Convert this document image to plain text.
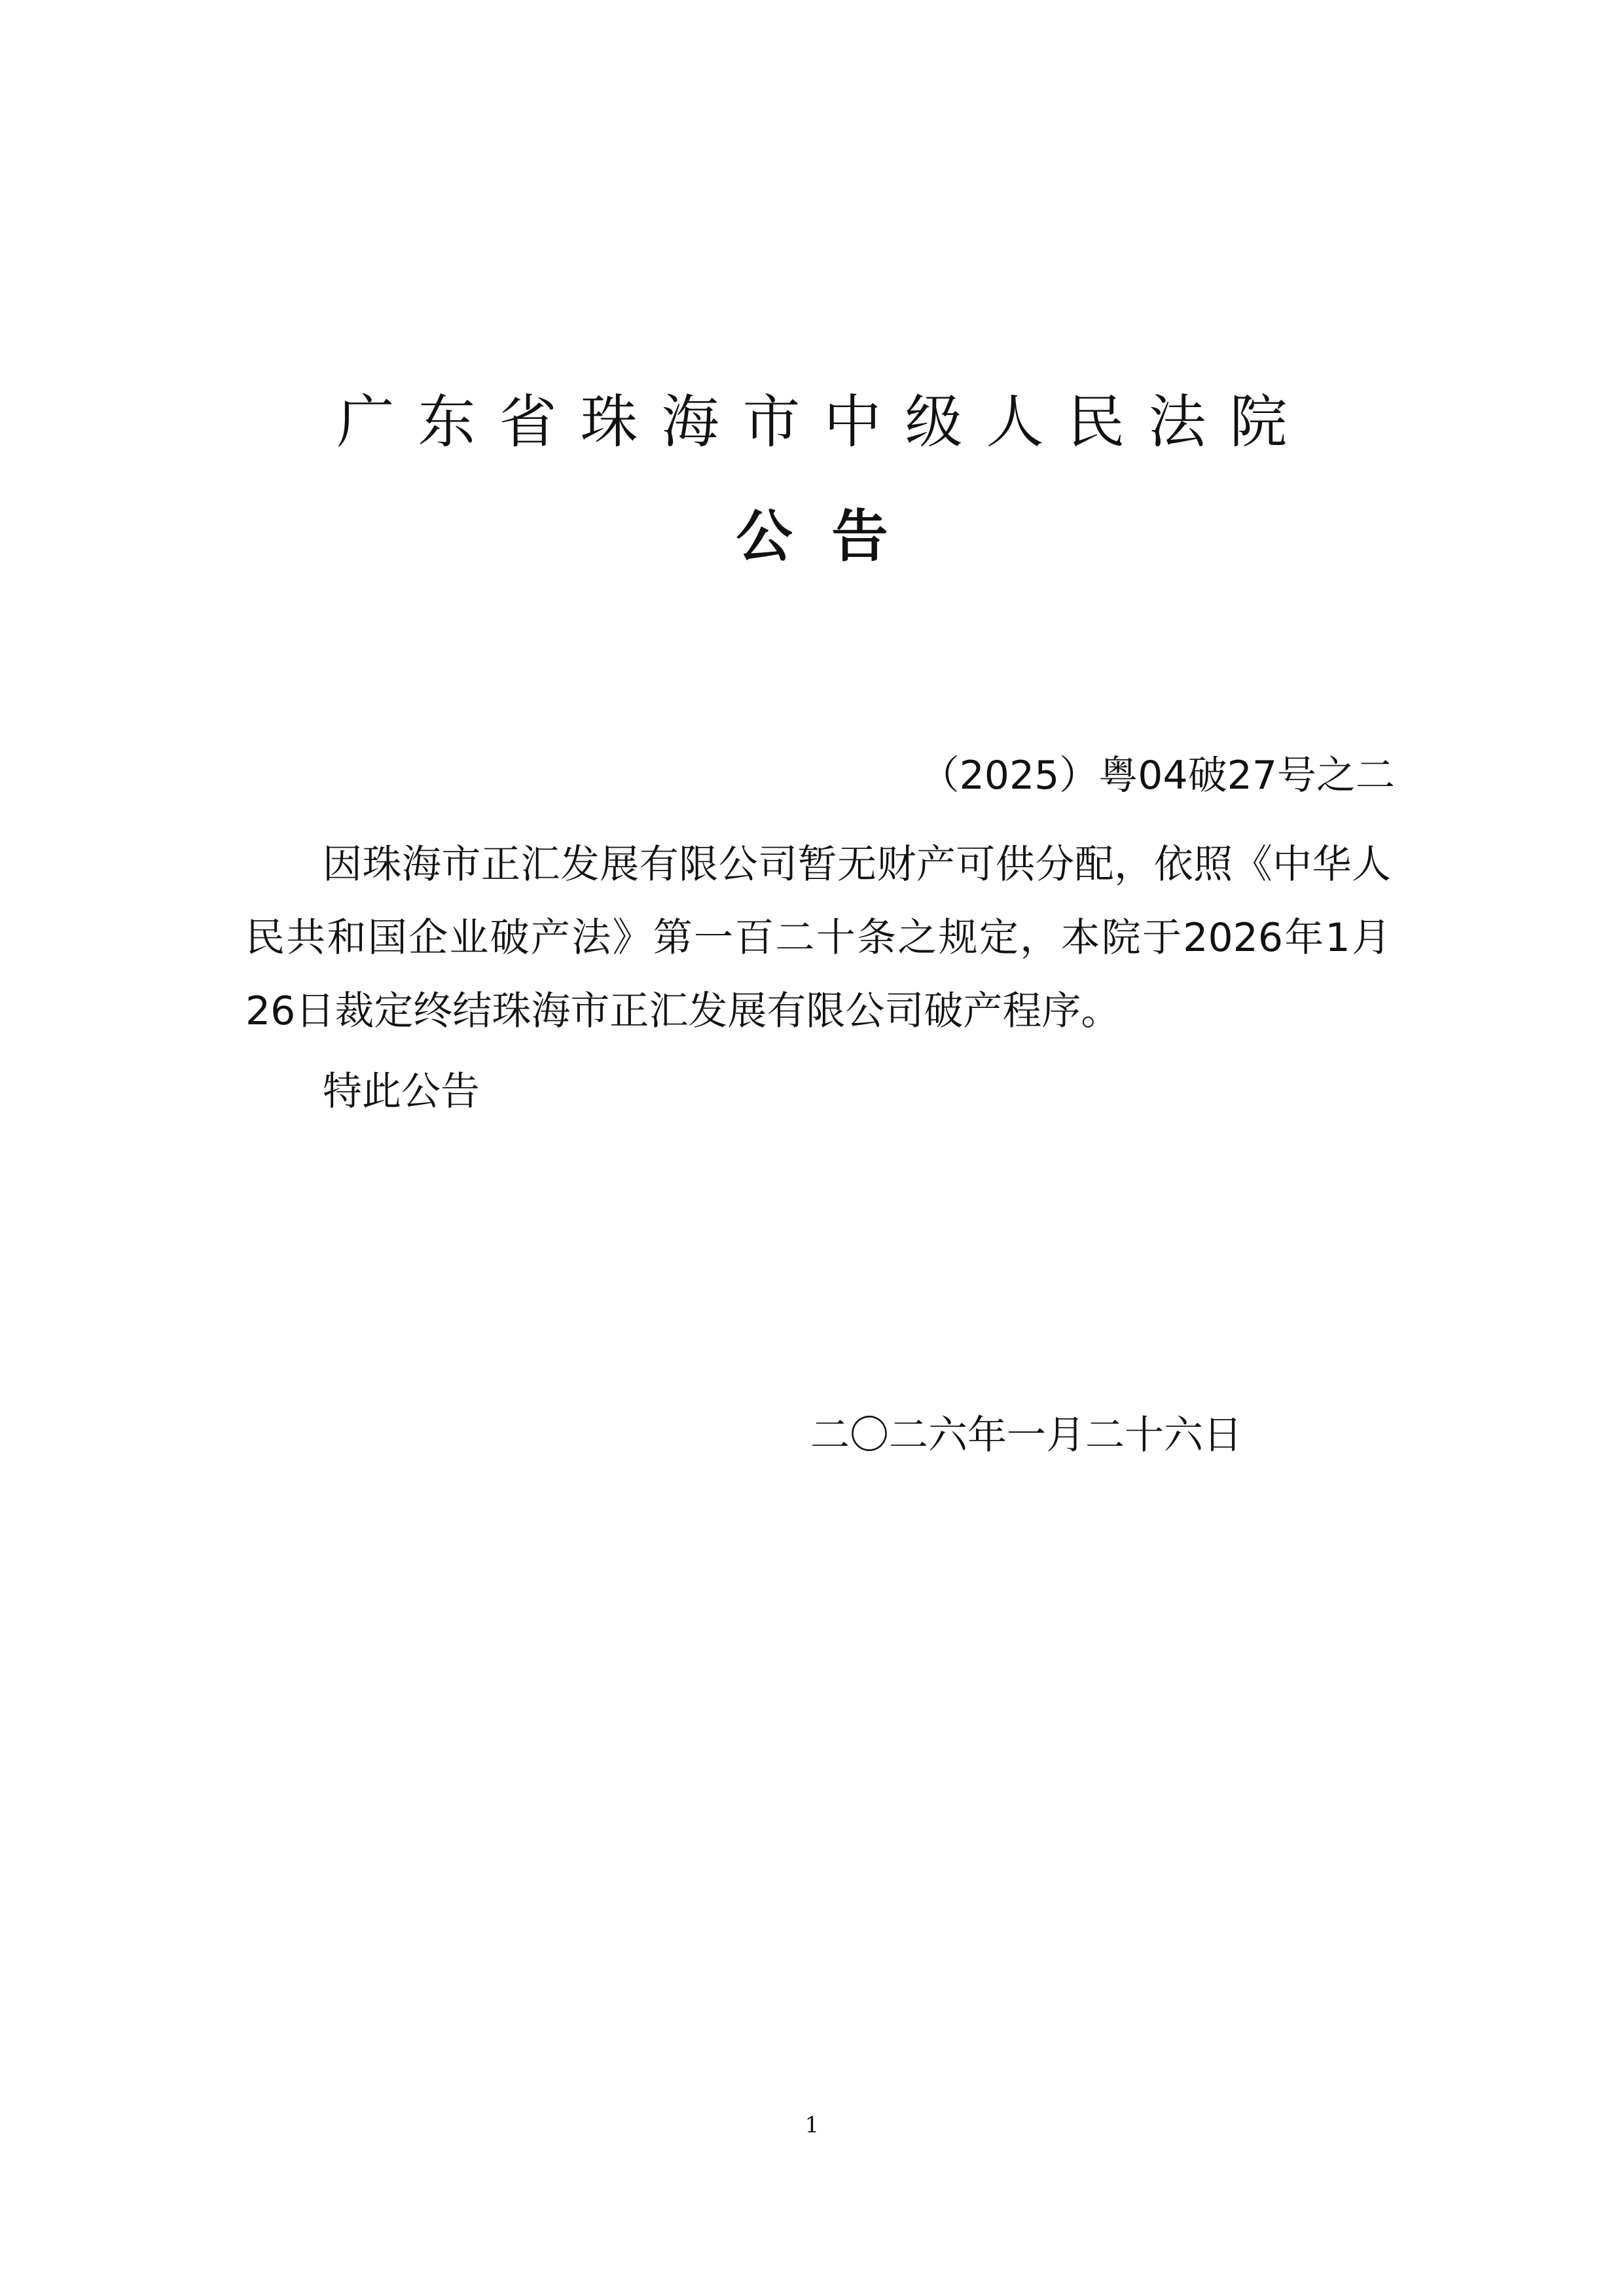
广东省珠海市中级人民法院
公告
（2025）粤04破27号之二

因珠海市正汇发展有限公司暂无财产可供分配，依照《中华人民共和国企业破产法》第一百二十条之规定，本院于2026年1月26日裁定终结珠海市正汇发展有限公司破产程序。

特此公告
二〇二六年一月二十六日
1
